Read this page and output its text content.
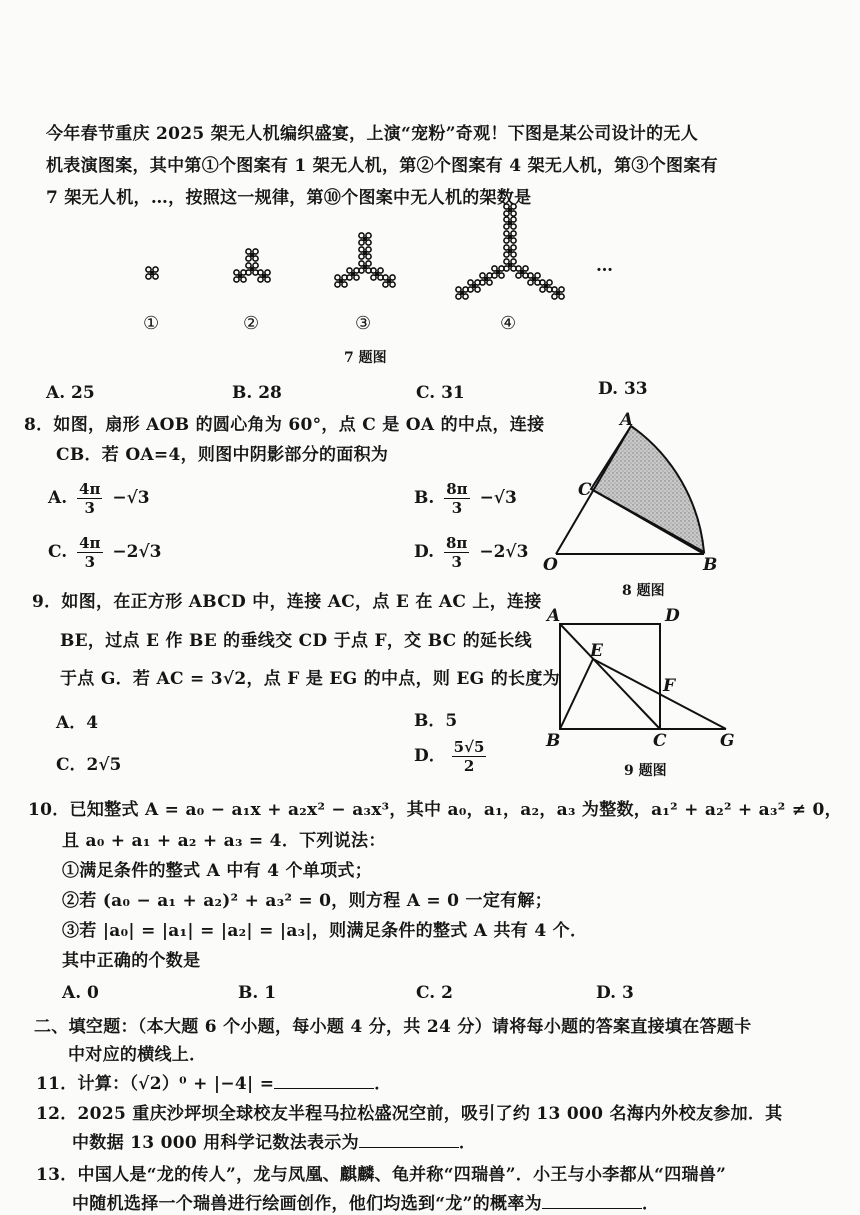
今年春节重庆 2025 架无人机编织盛宴，上演“宠粉”奇观！下图是某公司设计的无人
机表演图案，其中第①个图案有 1 架无人机，第②个图案有 4 架无人机，第③个图案有
7 架无人机，…，按照这一规律，第⑩个图案中无人机的架数是
…
①	②	③	④
7 题图
A. 25	B. 28	C. 31	D. 33
8．如图，扇形 AOB 的圆心角为 60°，点 C 是 OA 的中点，连接
CB．若 OA=4，则图中阴影部分的面积为
A. $\frac{4\pi}{3} -√3$	B. $\frac{8\pi}{3} -√3$
C. $\frac{4\pi}{3} -2√3$	D. $\frac{8\pi}{3} -2√3$
A
C
O	B
8 题图
9．如图，在正方形 ABCD 中，连接 AC，点 E 在 AC 上，连接
BE，过点 E 作 BE 的垂线交 CD 于点 F，交 BC 的延长线
于点 G．若 AC = 3√2，点 F 是 EG 的中点，则 EG 的长度为
A．4	B．5
C．2√5	D． $\frac{5√5}{2}$
A	D
E
F
B	C	G
9 题图
10．已知整式 A = a₀ − a₁x + a₂x² − a₃x³，其中 a₀，a₁，a₂，a₃ 为整数，a₁² + a₂² + a₃² ≠ 0，
且 a₀ + a₁ + a₂ + a₃ = 4．下列说法：
①满足条件的整式 A 中有 4 个单项式；
②若 (a₀ − a₁ + a₂)² + a₃² = 0，则方程 A = 0 一定有解；
③若 |a₀| = |a₁| = |a₂| = |a₃|，则满足条件的整式 A 共有 4 个．
其中正确的个数是
A. 0	B. 1	C. 2	D. 3
二、填空题：（本大题 6 个小题，每小题 4 分，共 24 分）请将每小题的答案直接填在答题卡
中对应的横线上．
11．计算：（√2）⁰ + |−4| =	．
12．2025 重庆沙坪坝全球校友半程马拉松盛况空前，吸引了约 13 000 名海内外校友参加．其
中数据 13 000 用科学记数法表示为	．
13．中国人是“龙的传人”，龙与凤凰、麒麟、龟并称“四瑞兽”．小王与小李都从“四瑞兽”
中随机选择一个瑞兽进行绘画创作，他们均选到“龙”的概率为	．
